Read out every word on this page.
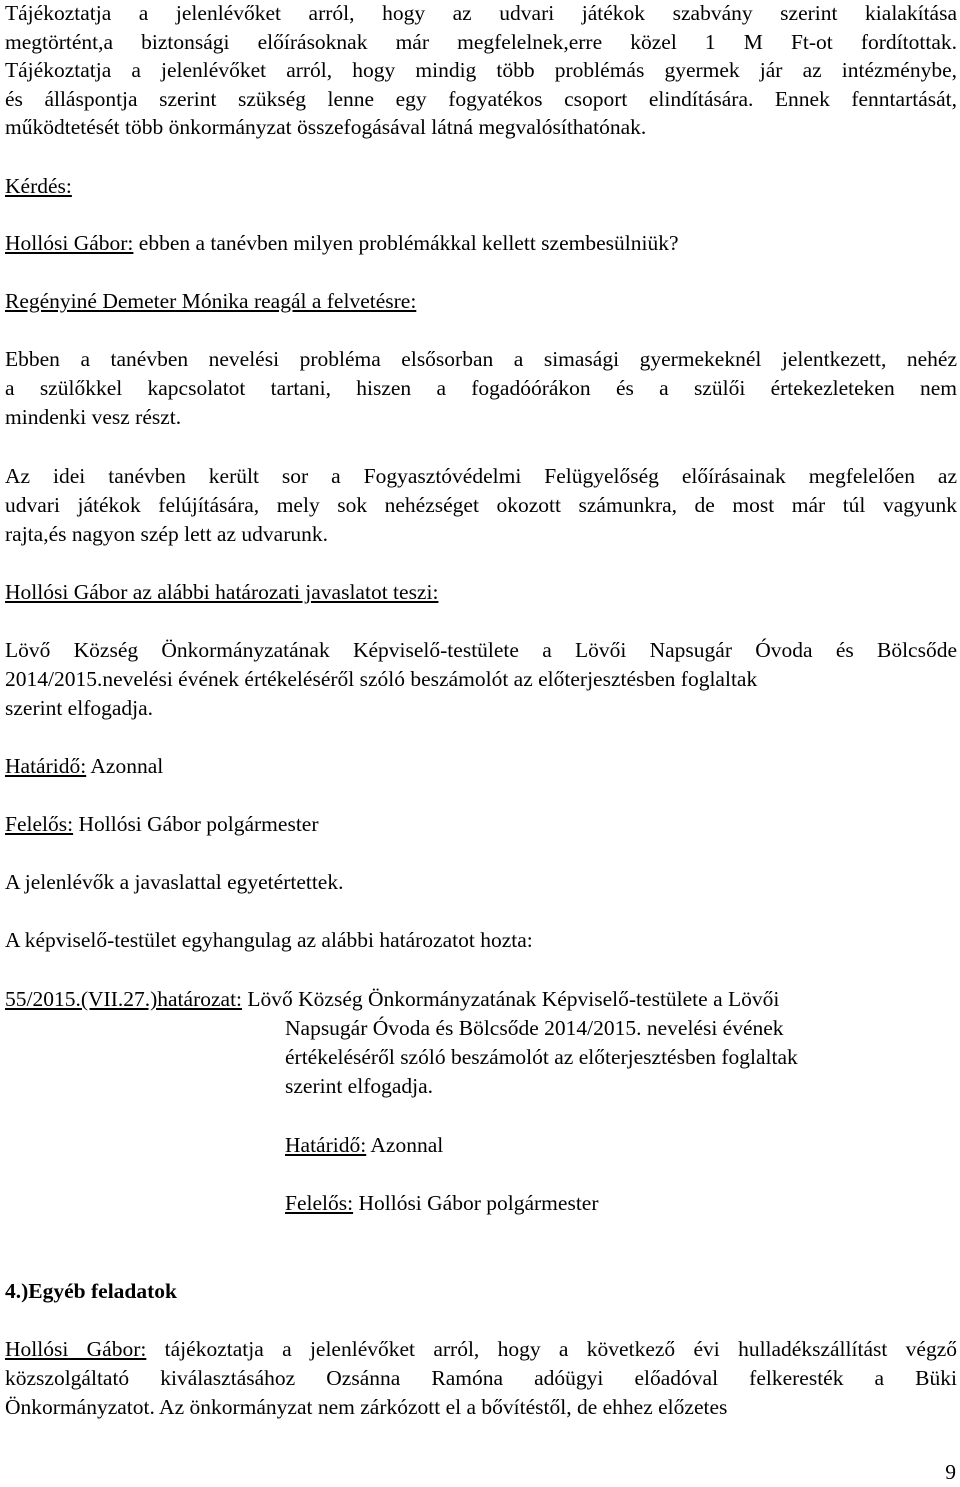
Tájékoztatja a jelenlévőket arról, hogy az udvari játékok szabvány szerint kialakítása
megtörtént,a biztonsági előírásoknak már megfelelnek,erre közel 1 M Ft-ot fordítottak.
Tájékoztatja a jelenlévőket arról, hogy mindig több problémás gyermek jár az intézménybe,
és álláspontja szerint szükség lenne egy fogyatékos csoport elindítására. Ennek fenntartását,
működtetését több önkormányzat összefogásával látná megvalósíthatónak.
Kérdés:
Hollósi Gábor: ebben a tanévben milyen problémákkal kellett szembesülniük?
Regényiné Demeter Mónika reagál a felvetésre:
Ebben a tanévben nevelési probléma elsősorban a simasági gyermekeknél jelentkezett, nehéz
a szülőkkel kapcsolatot tartani, hiszen a fogadóórákon és a szülői értekezleteken nem
mindenki vesz részt.
Az idei tanévben került sor a Fogyasztóvédelmi Felügyelőség előírásainak megfelelően az
udvari játékok felújítására, mely sok nehézséget okozott számunkra, de most már túl vagyunk
rajta,és nagyon szép lett az udvarunk.
Hollósi Gábor az alábbi határozati javaslatot teszi:
Lövő Község Önkormányzatának Képviselő-testülete a Lövői Napsugár Óvoda és Bölcsőde
2014/2015.nevelési évének értékeléséről szóló beszámolót az előterjesztésben foglaltak
szerint elfogadja.
Határidő: Azonnal
Felelős: Hollósi Gábor polgármester
A jelenlévők a javaslattal egyetértettek.
A képviselő-testület egyhangulag az alábbi határozatot hozta:
55/2015.(VII.27.)határozat: Lövő Község Önkormányzatának Képviselő-testülete a Lövői
Napsugár Óvoda és Bölcsőde 2014/2015. nevelési évének
értékeléséről szóló beszámolót az előterjesztésben foglaltak
szerint elfogadja.
Határidő: Azonnal
Felelős: Hollósi Gábor polgármester
4.)Egyéb feladatok
Hollósi Gábor: tájékoztatja a jelenlévőket arról, hogy a következő évi hulladékszállítást végző
közszolgáltató kiválasztásához Ozsánna Ramóna adóügyi előadóval felkeresték a Büki
Önkormányzatot. Az önkormányzat nem zárkózott el a bővítéstől, de ehhez előzetes
9
